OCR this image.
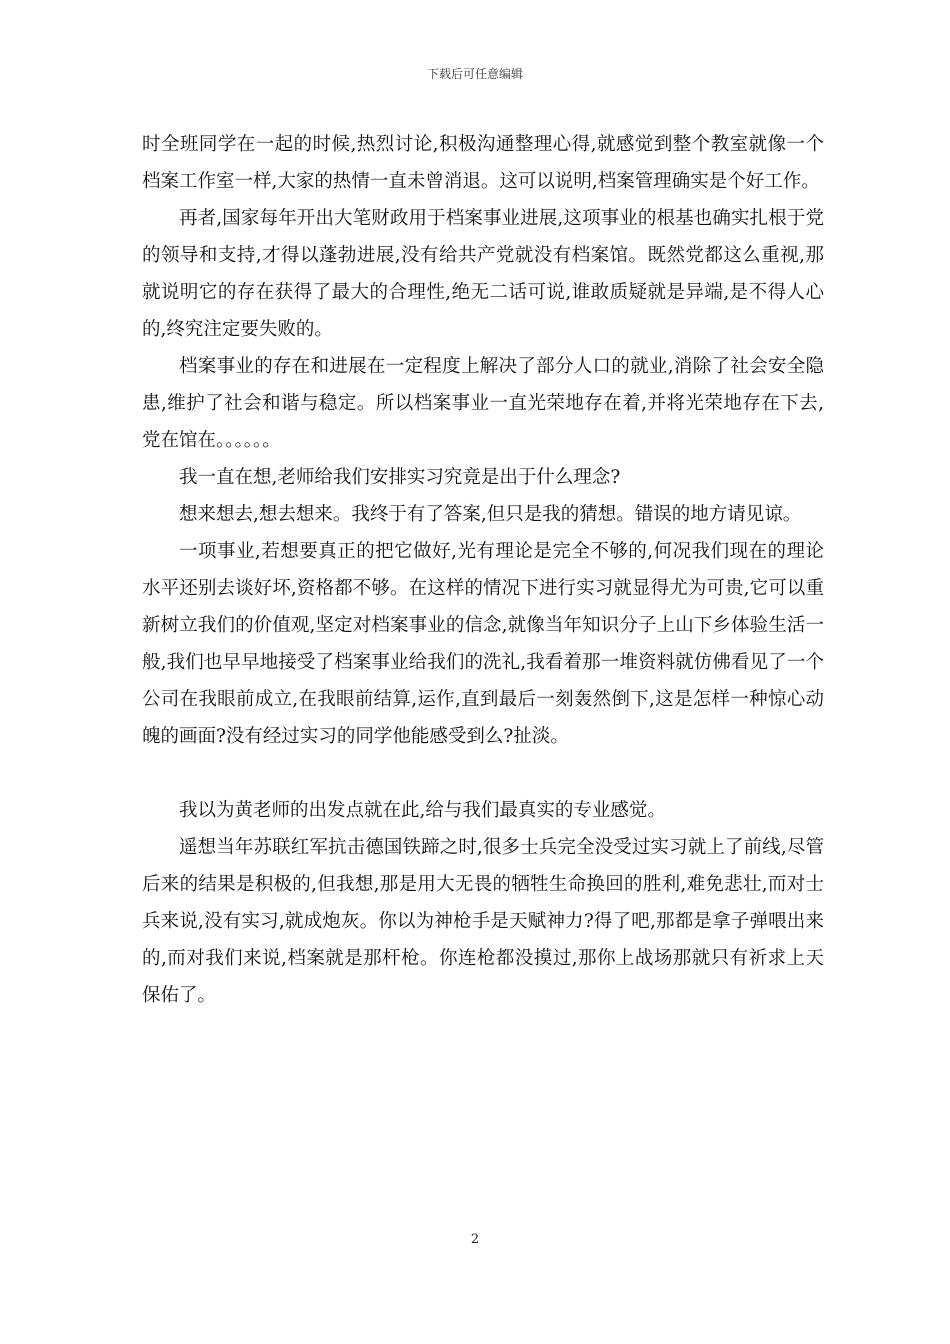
下载后可任意编辑

时全班同学在一起的时候,热烈讨论,积极沟通整理心得,就感觉到整个教室就像一个档案工作室一样,大家的热情一直未曾消退。这可以说明,档案管理确实是个好工作。

再者,国家每年开出大笔财政用于档案事业进展,这项事业的根基也确实扎根于党的领导和支持,才得以蓬勃进展,没有给共产党就没有档案馆。既然党都这么重视,那就说明它的存在获得了最大的合理性,绝无二话可说,谁敢质疑就是异端,是不得人心的,终究注定要失败的。

档案事业的存在和进展在一定程度上解决了部分人口的就业,消除了社会安全隐患,维护了社会和谐与稳定。所以档案事业一直光荣地存在着,并将光荣地存在下去,党在馆在。。。。。。

我一直在想,老师给我们安排实习究竟是出于什么理念?

想来想去,想去想来。我终于有了答案,但只是我的猜想。错误的地方请见谅。

一项事业,若想要真正的把它做好,光有理论是完全不够的,何况我们现在的理论水平还别去谈好坏,资格都不够。在这样的情况下进行实习就显得尤为可贵,它可以重新树立我们的价值观,坚定对档案事业的信念,就像当年知识分子上山下乡体验生活一般,我们也早早地接受了档案事业给我们的洗礼,我看着那一堆资料就仿佛看见了一个公司在我眼前成立,在我眼前结算,运作,直到最后一刻轰然倒下,这是怎样一种惊心动魄的画面?没有经过实习的同学他能感受到么?扯淡。

我以为黄老师的出发点就在此,给与我们最真实的专业感觉。

遥想当年苏联红军抗击德国铁蹄之时,很多士兵完全没受过实习就上了前线,尽管后来的结果是积极的,但我想,那是用大无畏的牺牲生命换回的胜利,难免悲壮,而对士兵来说,没有实习,就成炮灰。你以为神枪手是天赋神力?得了吧,那都是拿子弹喂出来的,而对我们来说,档案就是那杆枪。你连枪都没摸过,那你上战场那就只有祈求上天保佑了。

2
